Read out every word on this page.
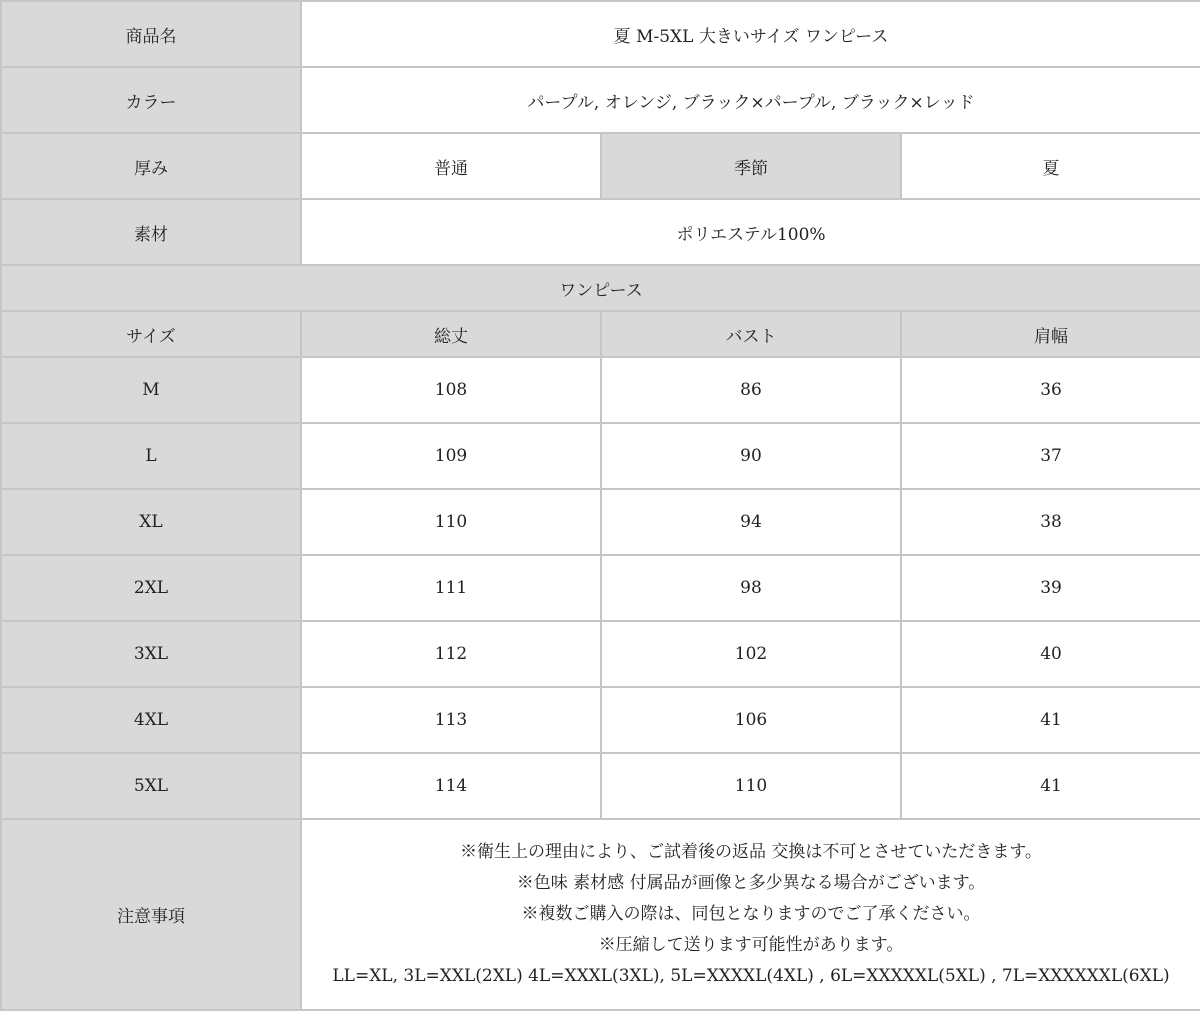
商品名	夏 M-5XL 大きいサイズ ワンピース		
カラー	パープル, オレンジ, ブラック×パープル, ブラック×レッド		
厚み	普通	季節	夏
素材	ポリエステル100%		
ワンピース			
サイズ	総丈	バスト	肩幅
M	108	86	36
L	109	90	37
XL	110	94	38
2XL	111	98	39
3XL	112	102	40
4XL	113	106	41
5XL	114	110	41
注意事項	※衛生上の理由により、ご試着後の返品 交換は不可とさせていただきます。
※色味 素材感 付属品が画像と多少異なる場合がございます。
※複数ご購入の際は、同包となりますのでご了承ください。
※圧縮して送ります可能性があります。
LL=XL, 3L=XXL(2XL) 4L=XXXL(3XL), 5L=XXXXL(4XL) , 6L=XXXXXL(5XL) , 7L=XXXXXXL(6XL)		
